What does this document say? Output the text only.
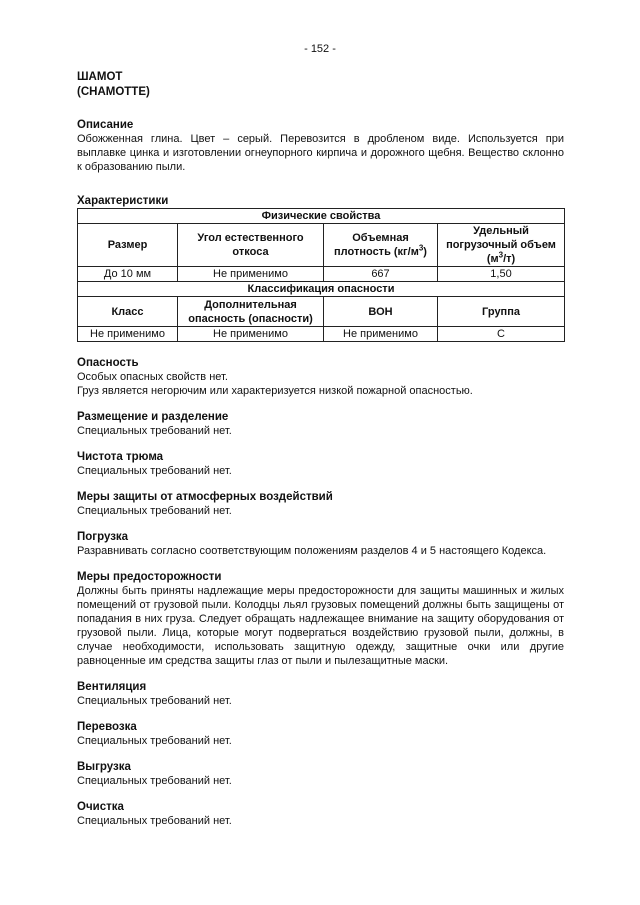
- 152 -
ШАМОТ
(CHAMOTTE)
Описание

Обожженная глина. Цвет – серый. Перевозится в дробленом виде. Используется при выплавке цинка и изготовлении огнеупорного кирпича и дорожного щебня. Вещество склонно к образованию пыли.

Характеристики
Физические свойства			
Размер	Угол естественного откоса	Объемная плотность $(кг/м^3)$	Удельный погрузочный объем $(м^3/т)$
До 10 мм	Не применимо	667	1,50
Классификация опасности			
Класс	Дополнительная опасность (опасности)	ВОН	Группа
Не применимо	Не применимо	Не применимо	С
Опасность

Особых опасных свойств нет.

Груз является негорючим или характеризуется низкой пожарной опасностью.

Размещение и разделение

Специальных требований нет.

Чистота трюма

Специальных требований нет.

Меры защиты от атмосферных воздействий

Специальных требований нет.

Погрузка

Разравнивать согласно соответствующим положениям разделов 4 и 5 настоящего Кодекса.

Меры предосторожности

Должны быть приняты надлежащие меры предосторожности для защиты машинных и жилых помещений от грузовой пыли. Колодцы льял грузовых помещений должны быть защищены от попадания в них груза. Следует обращать надлежащее внимание на защиту оборудования от грузовой пыли. Лица, которые могут подвергаться воздействию грузовой пыли, должны, в случае необходимости, использовать защитную одежду, защитные очки или другие равноценные им средства защиты глаз от пыли и пылезащитные маски.

Вентиляция

Специальных требований нет.

Перевозка

Специальных требований нет.

Выгрузка

Специальных требований нет.

Очистка

Специальных требований нет.
